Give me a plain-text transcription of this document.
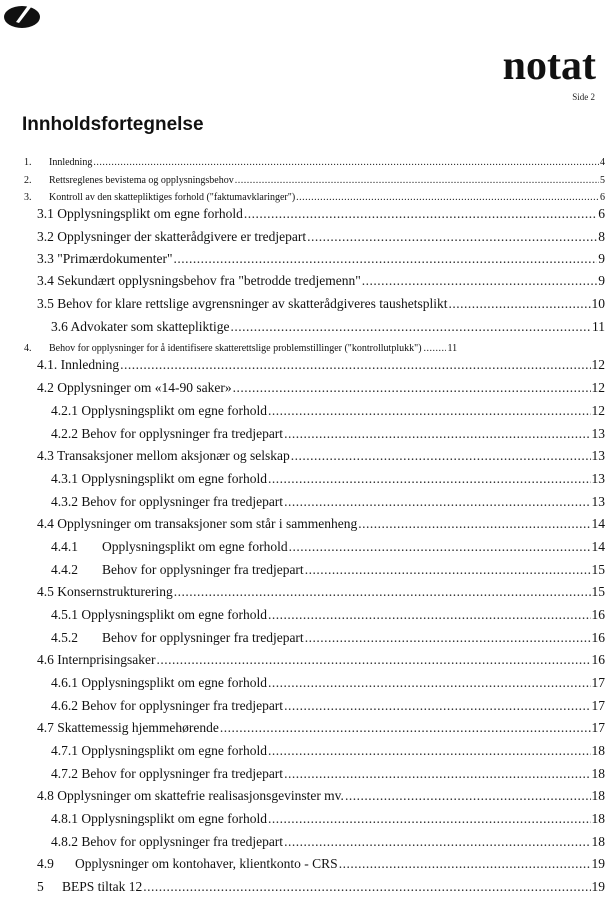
notat
Side 2
Innholdsfortegnelse
1.	Innledning .....	4
2.	Rettsreglenes bevistema og opplysningsbehov .....	5
3.	Kontroll av den skattepliktiges forhold ("faktumavklaringer") .....	6
3.1 Opplysningsplikt om egne forhold .....	6
3.2 Opplysninger der skatterådgivere er tredjepart .....	8
3.3 "Primærdokumenter" .....	9
3.4 Sekundært opplysningsbehov fra "betrodde tredjemenn" .....	9
3.5 Behov for klare rettslige avgrensninger av skatterådgiveres taushetsplikt .....	10
3.6 Advokater som skattepliktige .....	11
4.	Behov for opplysninger for å identifisere skatterettslige problemstillinger ("kontrollutplukk") .....	11
4.1. Innledning .....	12
4.2 Opplysninger om «14-90 saker» .....	12
4.2.1 Opplysningsplikt om egne forhold .....	12
4.2.2 Behov for opplysninger fra tredjepart .....	13
4.3 Transaksjoner mellom aksjonær og selskap .....	13
4.3.1 Opplysningsplikt om egne forhold .....	13
4.3.2 Behov for opplysninger fra tredjepart .....	13
4.4 Opplysninger om transaksjoner som står i sammenheng .....	14
4.4.1	Opplysningsplikt om egne forhold .....	14
4.4.2	Behov for opplysninger fra tredjepart .....	15
4.5 Konsernstrukturering .....	15
4.5.1 Opplysningsplikt om egne forhold .....	16
4.5.2	Behov for opplysninger fra tredjepart .....	16
4.6 Internprisingsaker .....	16
4.6.1 Opplysningsplikt om egne forhold .....	17
4.6.2 Behov for opplysninger fra tredjepart .....	17
4.7 Skattemessig hjemmehørende .....	17
4.7.1 Opplysningsplikt om egne forhold .....	18
4.7.2 Behov for opplysninger fra tredjepart .....	18
4.8 Opplysninger om skattefrie realisasjonsgevinster mv. .....	18
4.8.1 Opplysningsplikt om egne forhold .....	18
4.8.2 Behov for opplysninger fra tredjepart .....	18
4.9	Opplysninger om kontohaver, klientkonto - CRS .....	19
5	BEPS tiltak 12 .....	19
